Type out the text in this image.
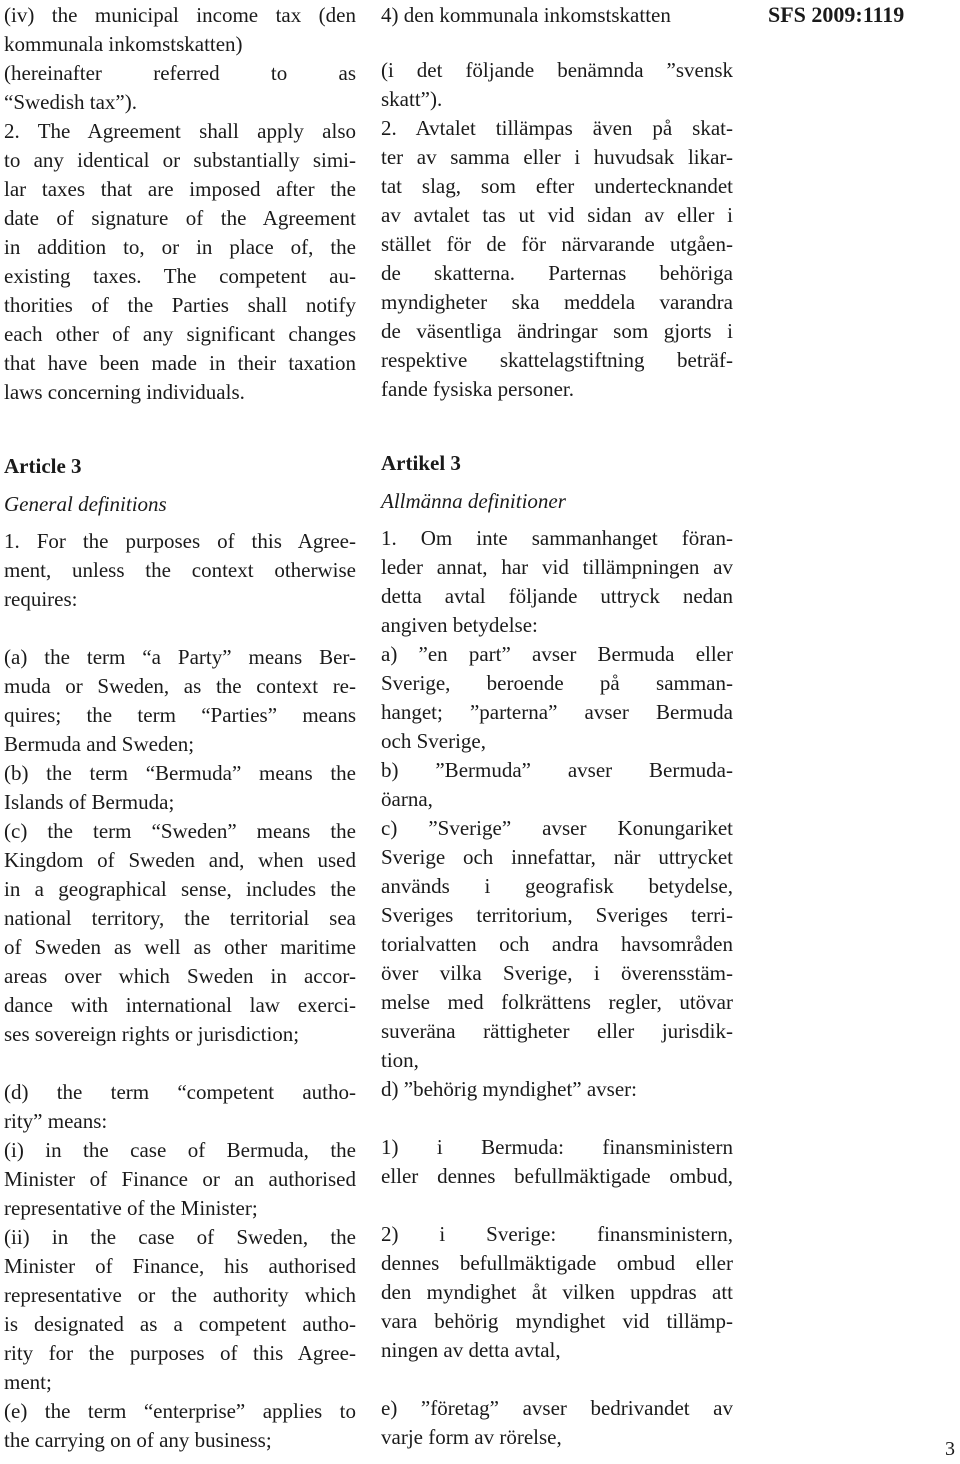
SFS 2009:1119
(iv) the municipal income tax (den
kommunala inkomstskatten)
(hereinafter referred to as
“Swedish tax”).
2. The Agreement shall apply also
to any identical or substantially simi-
lar taxes that are imposed after the
date of signature of the Agreement
in addition to, or in place of, the
existing taxes. The competent au-
thorities of the Parties shall notify
each other of any significant changes
that have been made in their taxation
laws concerning individuals.
Article 3
General definitions
1. For the purposes of this Agree-
ment, unless the context otherwise
requires:
(a) the term “a Party” means Ber-
muda or Sweden, as the context re-
quires; the term “Parties” means
Bermuda and Sweden;
(b) the term “Bermuda” means the
Islands of Bermuda;
(c) the term “Sweden” means the
Kingdom of Sweden and, when used
in a geographical sense, includes the
national territory, the territorial sea
of Sweden as well as other maritime
areas over which Sweden in accor-
dance with international law exerci-
ses sovereign rights or jurisdiction;
(d) the term “competent autho-
rity” means:
(i) in the case of Bermuda, the
Minister of Finance or an authorised
representative of the Minister;
(ii) in the case of Sweden, the
Minister of Finance, his authorised
representative or the authority which
is designated as a competent autho-
rity for the purposes of this Agree-
ment;
(e) the term “enterprise” applies to
the carrying on of any business;
4) den kommunala inkomstskatten
(i det följande benämnda ”svensk
skatt”).
2. Avtalet tillämpas även på skat-
ter av samma eller i huvudsak likar-
tat slag, som efter undertecknandet
av avtalet tas ut vid sidan av eller i
stället för de för närvarande utgåen-
de skatterna. Parternas behöriga
myndigheter ska meddela varandra
de väsentliga ändringar som gjorts i
respektive skattelagstiftning beträf-
fande fysiska personer.
Artikel 3
Allmänna definitioner
1. Om inte sammanhanget föran-
leder annat, har vid tillämpningen av
detta avtal följande uttryck nedan
angiven betydelse:
a) ”en part” avser Bermuda eller
Sverige, beroende på samman-
hanget; ”parterna” avser Bermuda
och Sverige,
b) ”Bermuda” avser Bermuda-
öarna,
c) ”Sverige” avser Konungariket
Sverige och innefattar, när uttrycket
används i geografisk betydelse,
Sveriges territorium, Sveriges terri-
torialvatten och andra havsområden
över vilka Sverige, i överensstäm-
melse med folkrättens regler, utövar
suveräna rättigheter eller jurisdik-
tion,
d) ”behörig myndighet” avser:
1) i Bermuda: finansministern
eller dennes befullmäktigade ombud,
2) i Sverige: finansministern,
dennes befullmäktigade ombud eller
den myndighet åt vilken uppdras att
vara behörig myndighet vid tillämp-
ningen av detta avtal,
e) ”företag” avser bedrivandet av
varje form av rörelse,	3
